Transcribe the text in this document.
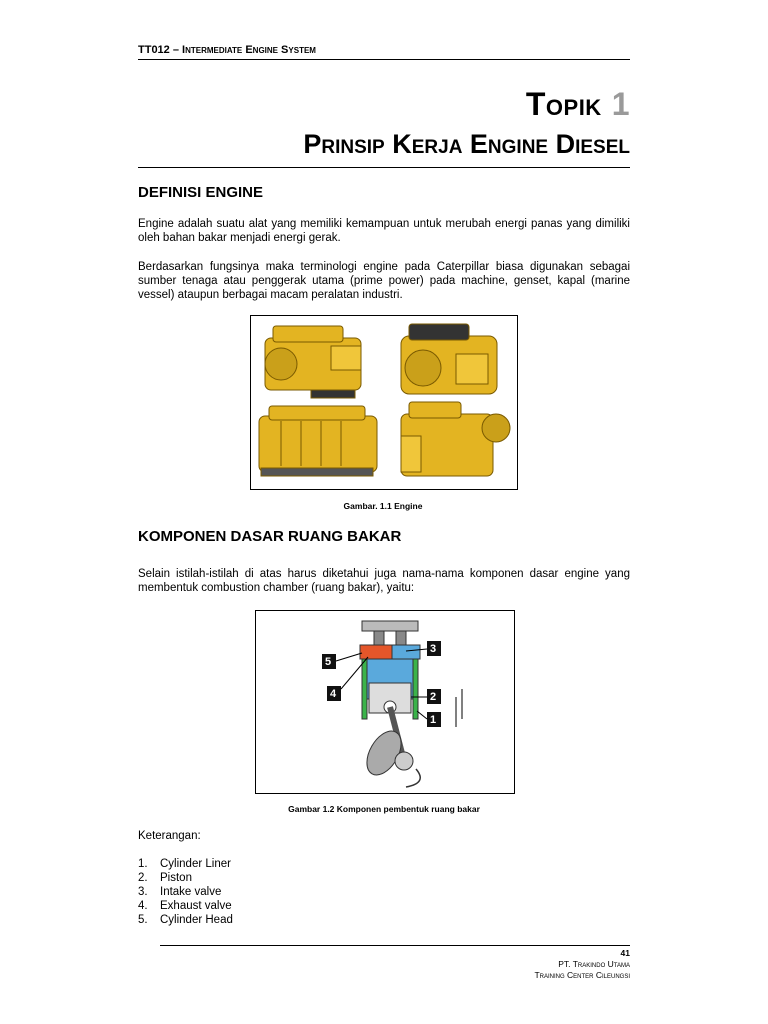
TT012 – Intermediate Engine System
Topik 1
Prinsip Kerja Engine Diesel
DEFINISI ENGINE
Engine adalah suatu alat yang memiliki kemampuan untuk merubah energi panas yang dimiliki oleh bahan bakar menjadi energi gerak.
Berdasarkan fungsinya maka terminologi engine pada Caterpillar biasa digunakan sebagai sumber tenaga atau penggerak utama (prime power) pada machine, genset, kapal (marine vessel) ataupun berbagai macam peralatan industri.
Gambar. 1.1 Engine
KOMPONEN DASAR RUANG BAKAR
Selain istilah-istilah di atas harus diketahui juga nama-nama komponen dasar engine yang membentuk combustion chamber (ruang bakar), yaitu:
3
5
4	2
1
Gambar 1.2 Komponen pembentuk ruang bakar
Keterangan:
1.	Cylinder Liner
2.	Piston
3.	Intake valve
4.	Exhaust valve
5.	Cylinder Head
41
PT. Trakindo Utama
Training Center Cileungsi
